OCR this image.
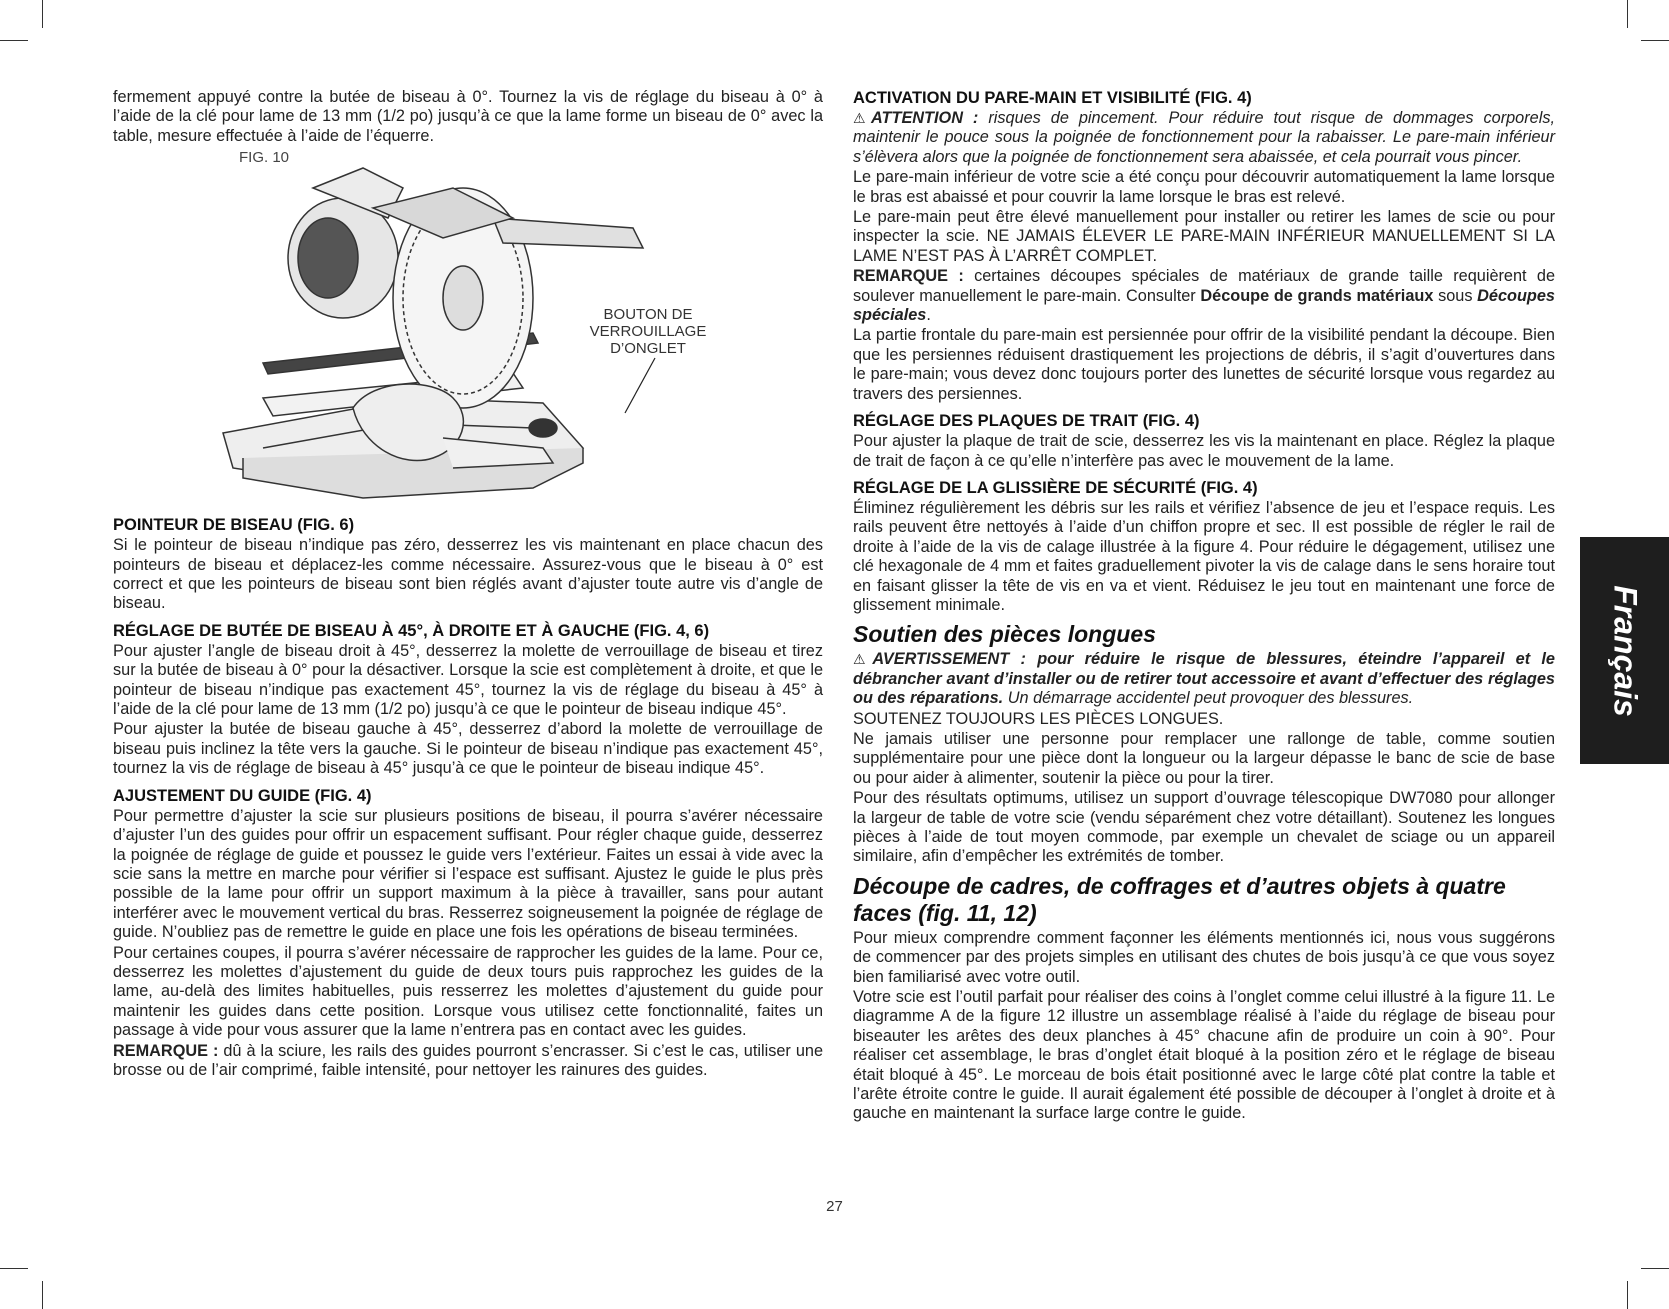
fermement appuyé contre la butée de biseau à 0°. Tournez la vis de réglage du biseau à 0° à l’aide de la clé pour lame de 13 mm (1/2 po) jusqu’à ce que la lame forme un biseau de 0° avec la table, mesure effectuée à l’aide de l’équerre.

FIG. 10
BOUTON DE VERROUILLAGE D’ONGLET
POINTEUR DE BISEAU (FIG. 6)

Si le pointeur de biseau n’indique pas zéro, desserrez les vis maintenant en place chacun des pointeurs de biseau et déplacez-les comme nécessaire. Assurez-vous que le biseau à 0° est correct et que les pointeurs de biseau sont bien réglés avant d’ajuster toute autre vis d’angle de biseau.

RÉGLAGE DE BUTÉE DE BISEAU À 45°, À DROITE ET À GAUCHE (FIG. 4, 6)

Pour ajuster l’angle de biseau droit à 45°, desserrez la molette de verrouillage de biseau et tirez sur la butée de biseau à 0° pour la désactiver. Lorsque la scie est complètement à droite, et que le pointeur de biseau n’indique pas exactement 45°, tournez la vis de réglage du biseau à 45° à l’aide de la clé pour lame de 13 mm (1/2 po) jusqu’à ce que le pointeur de biseau indique 45°.

Pour ajuster la butée de biseau gauche à 45°, desserrez d’abord la molette de verrouillage de biseau puis inclinez la tête vers la gauche. Si le pointeur de biseau n’indique pas exactement 45°, tournez la vis de réglage de biseau à 45° jusqu’à ce que le pointeur de biseau indique 45°.

AJUSTEMENT DU GUIDE (FIG. 4)

Pour permettre d’ajuster la scie sur plusieurs positions de biseau, il pourra s’avérer nécessaire d’ajuster l’un des guides pour offrir un espacement suffisant. Pour régler chaque guide, desserrez la poignée de réglage de guide et poussez le guide vers l’extérieur. Faites un essai à vide avec la scie sans la mettre en marche pour vérifier si l’espace est suffisant. Ajustez le guide le plus près possible de la lame pour offrir un support maximum à la pièce à travailler, sans pour autant interférer avec le mouvement vertical du bras. Resserrez soigneusement la poignée de réglage de guide. N’oubliez pas de remettre le guide en place une fois les opérations de biseau terminées.

Pour certaines coupes, il pourra s’avérer nécessaire de rapprocher les guides de la lame. Pour ce, desserrez les molettes d’ajustement du guide de deux tours puis rapprochez les guides de la lame, au-delà des limites habituelles, puis resserrez les molettes d’ajustement du guide pour maintenir les guides dans cette position. Lorsque vous utilisez cette fonctionnalité, faites un passage à vide pour vous assurer que la lame n’entrera pas en contact avec les guides.

REMARQUE : dû à la sciure, les rails des guides pourront s’encrasser. Si c’est le cas, utiliser une brosse ou de l’air comprimé, faible intensité, pour nettoyer les rainures des guides.

ACTIVATION DU PARE-MAIN ET VISIBILITÉ (FIG. 4)

⚠ATTENTION : risques de pincement. Pour réduire tout risque de dommages corporels, maintenir le pouce sous la poignée de fonctionnement pour la rabaisser. Le pare-main inférieur s’élèvera alors que la poignée de fonctionnement sera abaissée, et cela pourrait vous pincer.

Le pare-main inférieur de votre scie a été conçu pour découvrir automatiquement la lame lorsque le bras est abaissé et pour couvrir la lame lorsque le bras est relevé.

Le pare-main peut être élevé manuellement pour installer ou retirer les lames de scie ou pour inspecter la scie. NE JAMAIS ÉLEVER LE PARE-MAIN INFÉRIEUR MANUELLEMENT SI LA LAME N’EST PAS À L’ARRÊT COMPLET.

REMARQUE : certaines découpes spéciales de matériaux de grande taille requièrent de soulever manuellement le pare-main. Consulter Découpe de grands matériaux sous Découpes spéciales.

La partie frontale du pare-main est persiennée pour offrir de la visibilité pendant la découpe. Bien que les persiennes réduisent drastiquement les projections de débris, il s’agit d’ouvertures dans le pare-main; vous devez donc toujours porter des lunettes de sécurité lorsque vous regardez au travers des persiennes.

RÉGLAGE DES PLAQUES DE TRAIT (FIG. 4)

Pour ajuster la plaque de trait de scie, desserrez les vis la maintenant en place. Réglez la plaque de trait de façon à ce qu’elle n’interfère pas avec le mouvement de la lame.

RÉGLAGE DE LA GLISSIÈRE DE SÉCURITÉ (FIG. 4)

Éliminez régulièrement les débris sur les rails et vérifiez l’absence de jeu et l’espace requis. Les rails peuvent être nettoyés à l’aide d’un chiffon propre et sec. Il est possible de régler le rail de droite à l’aide de la vis de calage illustrée à la figure 4. Pour réduire le dégagement, utilisez une clé hexagonale de 4 mm et faites graduellement pivoter la vis de calage dans le sens horaire tout en faisant glisser la tête de vis en va et vient. Réduisez le jeu tout en maintenant une force de glissement minimale.

Soutien des pièces longues

⚠AVERTISSEMENT : pour réduire le risque de blessures, éteindre l’appareil et le débrancher avant d’installer ou de retirer tout accessoire et avant d’effectuer des réglages ou des réparations. Un démarrage accidentel peut provoquer des blessures.

SOUTENEZ TOUJOURS LES PIÈCES LONGUES.

Ne jamais utiliser une personne pour remplacer une rallonge de table, comme soutien supplémentaire pour une pièce dont la longueur ou la largeur dépasse le banc de scie de base ou pour aider à alimenter, soutenir la pièce ou pour la tirer.

Pour des résultats optimums, utilisez un support d’ouvrage télescopique DW7080 pour allonger la largeur de table de votre scie (vendu séparément chez votre détaillant). Soutenez les longues pièces à l’aide de tout moyen commode, par exemple un chevalet de sciage ou un appareil similaire, afin d’empêcher les extrémités de tomber.

Découpe de cadres, de coffrages et d’autres objets à quatre faces (fig. 11, 12)

Pour mieux comprendre comment façonner les éléments mentionnés ici, nous vous suggérons de commencer par des projets simples en utilisant des chutes de bois jusqu’à ce que vous soyez bien familiarisé avec votre outil.

Votre scie est l’outil parfait pour réaliser des coins à l’onglet comme celui illustré à la figure 11. Le diagramme A de la figure 12 illustre un assemblage réalisé à l’aide du réglage de biseau pour biseauter les arêtes des deux planches à 45° chacune afin de produire un coin à 90°. Pour réaliser cet assemblage, le bras d’onglet était bloqué à la position zéro et le réglage de biseau était bloqué à 45°. Le morceau de bois était positionné avec le large côté plat contre la table et l’arête étroite contre le guide. Il aurait également été possible de découper à l’onglet à droite et à gauche en maintenant la surface large contre le guide.

27
Français
